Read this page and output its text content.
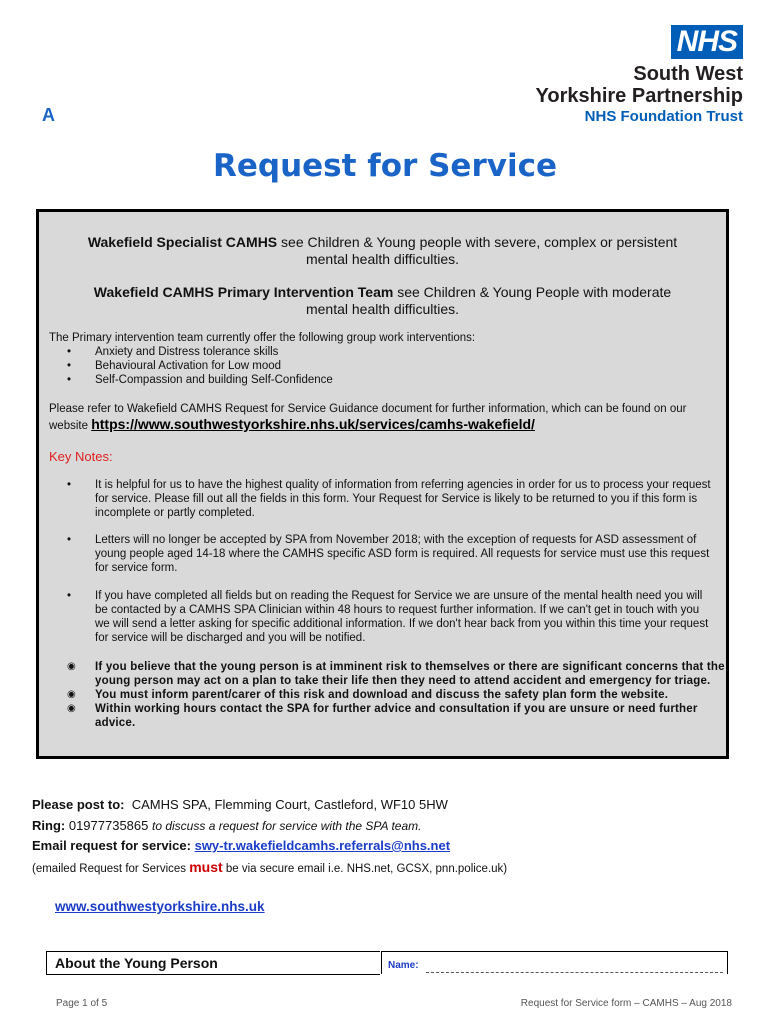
NHS
South West
Yorkshire Partnership
NHS Foundation Trust
A
Request for Service
Wakefield Specialist CAMHS see Children & Young people with severe, complex or persistent mental health difficulties.
Wakefield CAMHS Primary Intervention Team see Children & Young People with moderate mental health difficulties.
The Primary intervention team currently offer the following group work interventions:
•	Anxiety and Distress tolerance skills
•	Behavioural Activation for Low mood
•	Self-Compassion and building Self-Confidence
Please refer to Wakefield CAMHS Request for Service Guidance document for further information, which can be found on our website https://www.southwestyorkshire.nhs.uk/services/camhs-wakefield/
Key Notes:
•	It is helpful for us to have the highest quality of information from referring agencies in order for us to process your request for service. Please fill out all the fields in this form. Your Request for Service is likely to be returned to you if this form is incomplete or partly completed.
•	Letters will no longer be accepted by SPA from November 2018; with the exception of requests for ASD assessment of young people aged 14-18 where the CAMHS specific ASD form is required. All requests for service must use this request for service form.
•	If you have completed all fields but on reading the Request for Service we are unsure of the mental health need you will be contacted by a CAMHS SPA Clinician within 48 hours to request further information. If we can't get in touch with you we will send a letter asking for specific additional information. If we don't hear back from you within this time your request for service will be discharged and you will be notified.
◉	If you believe that the young person is at imminent risk to themselves or there are significant concerns that the young person may act on a plan to take their life then they need to attend accident and emergency for triage.
◉	You must inform parent/carer of this risk and download and discuss the safety plan form the website.
◉	Within working hours contact the SPA for further advice and consultation if you are unsure or need further advice.
Please post to: CAMHS SPA, Flemming Court, Castleford, WF10 5HW
Ring: 01977735865 to discuss a request for service with the SPA team.
Email request for service: swy-tr.wakefieldcamhs.referrals@nhs.net
(emailed Request for Services must be via secure email i.e. NHS.net, GCSX, pnn.police.uk)
www.southwestyorkshire.nhs.uk
About the Young Person	Name:
Page 1 of 5	Request for Service form – CAMHS – Aug 2018
